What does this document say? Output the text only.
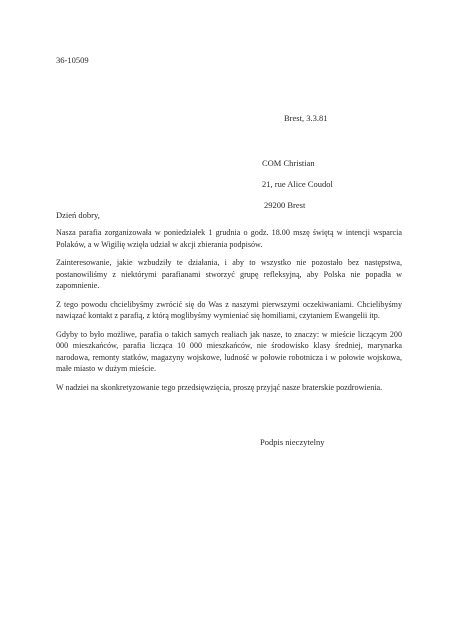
36-10509
Brest, 3.3.81
COM Christian
21, rue Alice Coudol
29200 Brest
Dzień dobry,

Nasza parafia zorganizowała w poniedziałek 1 grudnia o godz. 18.00 mszę świętą w intencji wsparcia Polaków, a w Wigilię wzięła udział w akcji zbierania podpisów.

Zainteresowanie, jakie wzbudziły te działania, i aby to wszystko nie pozostało bez następstwa, postanowiliśmy z niektórymi parafianami stworzyć grupę refleksyjną, aby Polska nie popadła w zapomnienie.

Z tego powodu chcielibyśmy zwrócić się do Was z naszymi pierwszymi oczekiwaniami. Chcielibyśmy nawiązać kontakt z parafią, z którą moglibyśmy wymieniać się homiliami, czytaniem Ewangelii itp.

Gdyby to było możliwe, parafia o takich samych realiach jak nasze, to znaczy: w mieście liczącym 200 000 mieszkańców, parafia licząca 10 000 mieszkańców, nie środowisko klasy średniej, marynarka narodowa, remonty statków, magazyny wojskowe, ludność w połowie robotnicza i w połowie wojskowa, małe miasto w dużym mieście.

W nadziei na skonkretyzowanie tego przedsięwzięcia, proszę przyjąć nasze braterskie pozdrowienia.

Podpis nieczytelny
